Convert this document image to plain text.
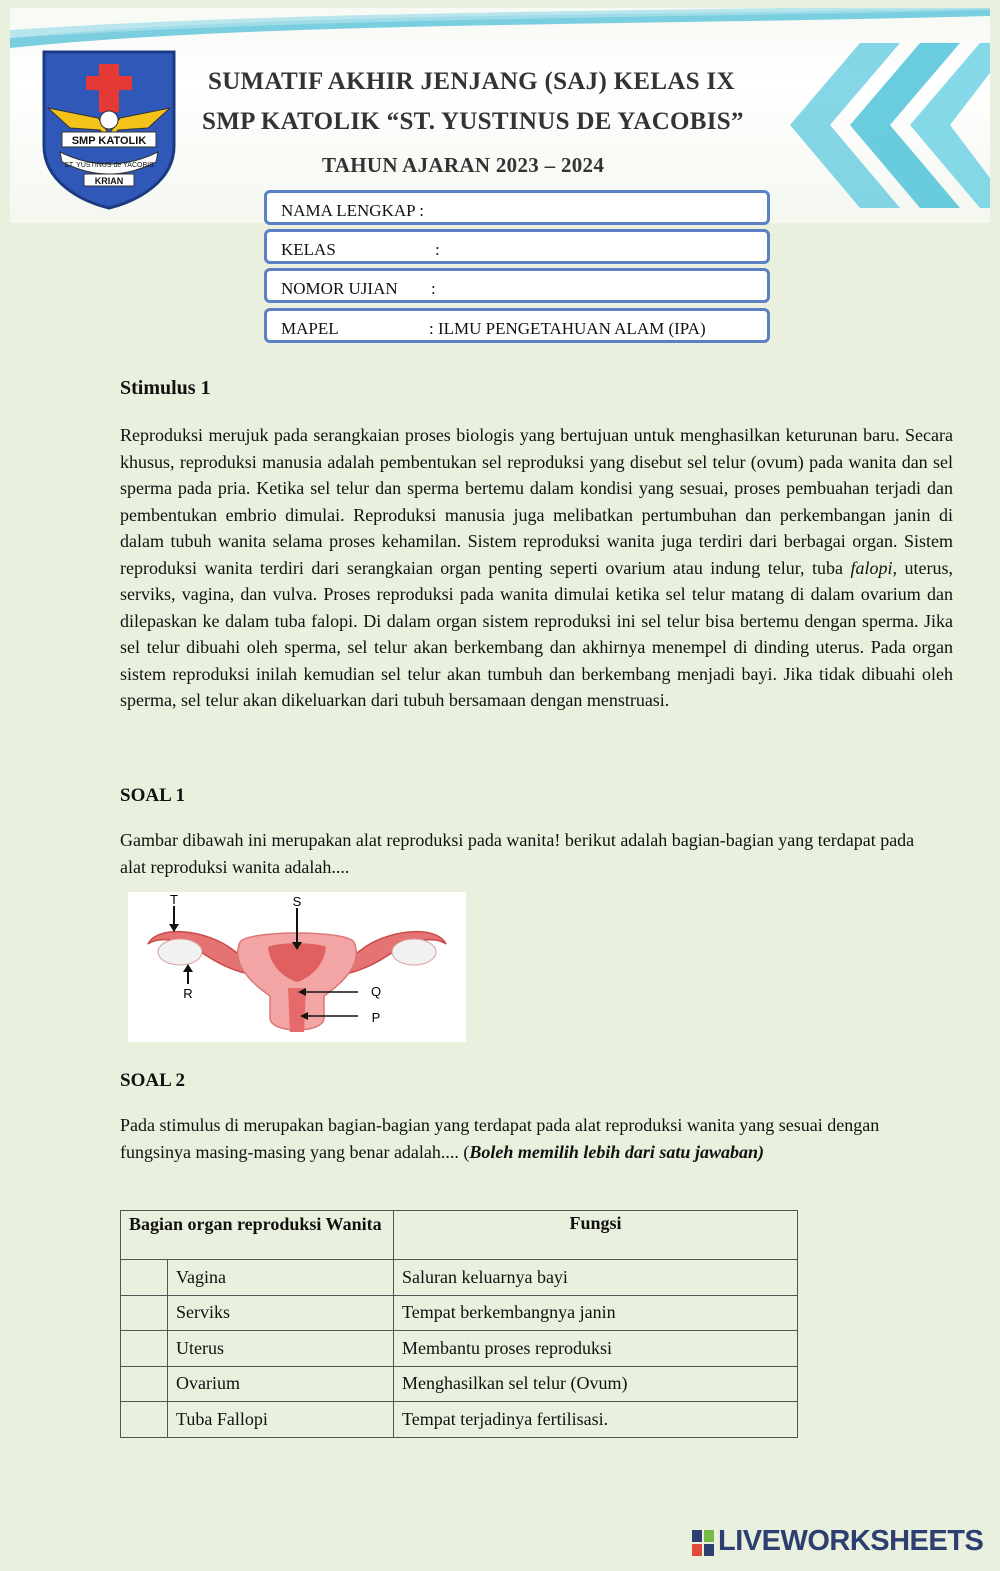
SMP KATOLIK
ST. YUSTINUS de YACOBIS
KRIAN
SUMATIF AKHIR JENJANG (SAJ) KELAS IX
SMP KATOLIK “ST. YUSTINUS DE YACOBIS”
TAHUN AJARAN 2023 – 2024
NAMA LENGKAP :
KELAS	:
NOMOR UJIAN :
MAPEL	: ILMU PENGETAHUAN ALAM (IPA)
Stimulus 1
Reproduksi merujuk pada serangkaian proses biologis yang bertujuan untuk menghasilkan keturunan baru. Secara khusus, reproduksi manusia adalah pembentukan sel reproduksi yang disebut sel telur (ovum) pada wanita dan sel sperma pada pria. Ketika sel telur dan sperma bertemu dalam kondisi yang sesuai, proses pembuahan terjadi dan pembentukan embrio dimulai. Reproduksi manusia juga melibatkan pertumbuhan dan perkembangan janin di dalam tubuh wanita selama proses kehamilan. Sistem reproduksi wanita juga terdiri dari berbagai organ. Sistem reproduksi wanita terdiri dari serangkaian organ penting seperti ovarium atau indung telur, tuba falopi, uterus, serviks, vagina, dan vulva. Proses reproduksi pada wanita dimulai ketika sel telur matang di dalam ovarium dan dilepaskan ke dalam tuba falopi. Di dalam organ sistem reproduksi ini sel telur bisa bertemu dengan sperma. Jika sel telur dibuahi oleh sperma, sel telur akan berkembang dan akhirnya menempel di dinding uterus. Pada organ sistem reproduksi inilah kemudian sel telur akan tumbuh dan berkembang menjadi bayi. Jika tidak dibuahi oleh sperma, sel telur akan dikeluarkan dari tubuh bersamaan dengan menstruasi.
SOAL 1
Gambar dibawah ini merupakan alat reproduksi pada wanita! berikut adalah bagian-bagian yang terdapat pada alat reproduksi wanita adalah....
T	S
R	Q
P
SOAL 2
Pada stimulus di merupakan bagian-bagian yang terdapat pada alat reproduksi wanita yang sesuai dengan fungsinya masing-masing yang benar adalah.... (Boleh memilih lebih dari satu jawaban)
Bagian organ reproduksi Wanita		Fungsi
	Vagina	Saluran keluarnya bayi
	Serviks	Tempat berkembangnya janin
	Uterus	Membantu proses reproduksi
	Ovarium	Menghasilkan sel telur (Ovum)
	Tuba Fallopi	Tempat terjadinya fertilisasi.
LIVEWORKSHEETS
